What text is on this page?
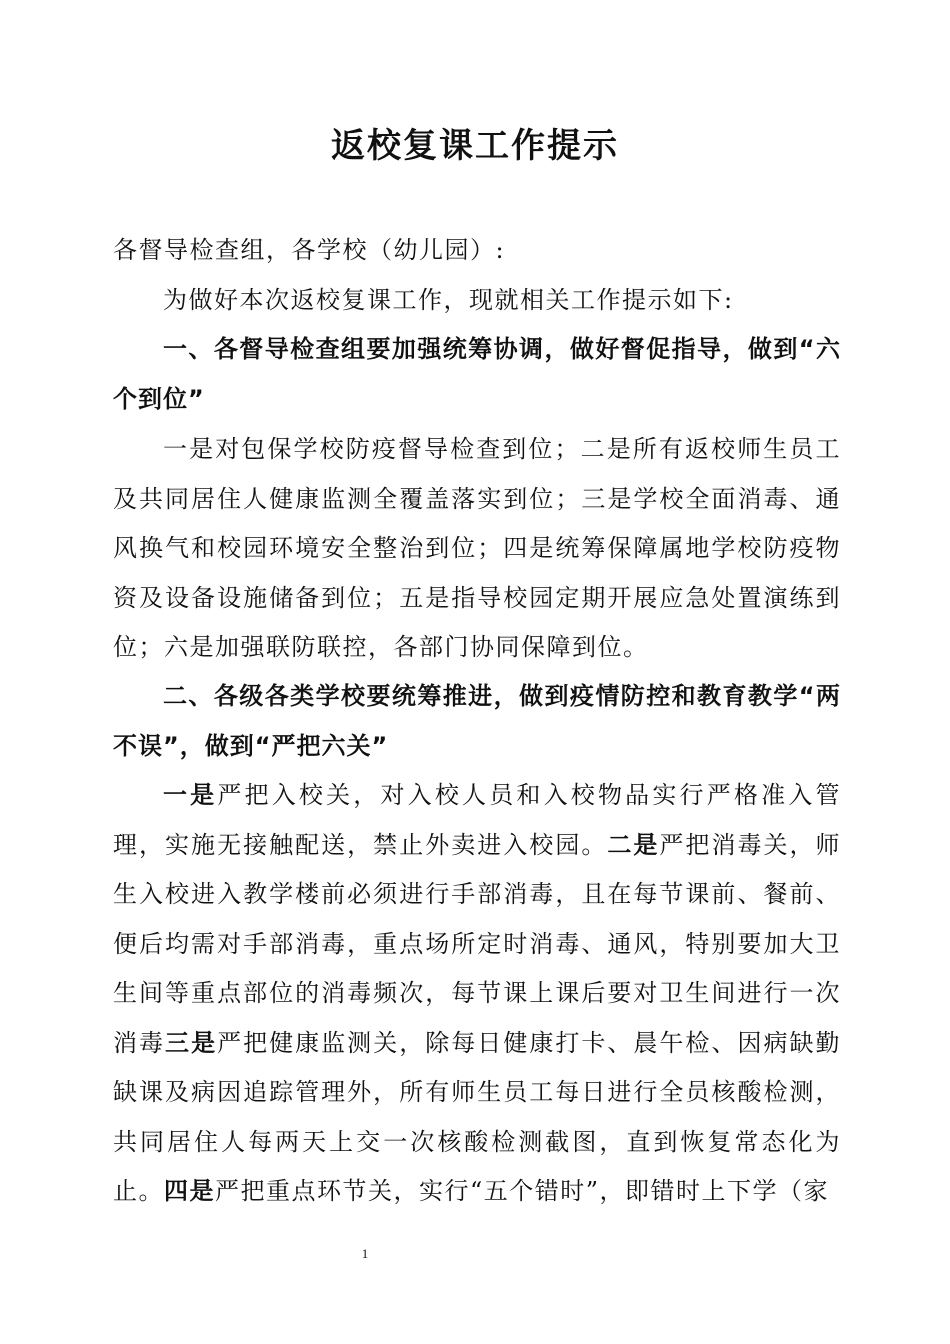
返校复课工作提示

各督导检查组，各学校（幼儿园）:

为做好本次返校复课工作，现就相关工作提示如下:

一、各督导检查组要加强统筹协调，做好督促指导，做到“六个到位”

一是对包保学校防疫督导检查到位；二是所有返校师生员工及共同居住人健康监测全覆盖落实到位；三是学校全面消毒、通风换气和校园环境安全整治到位；四是统筹保障属地学校防疫物资及设备设施储备到位；五是指导校园定期开展应急处置演练到位；六是加强联防联控，各部门协同保障到位。

二、各级各类学校要统筹推进，做到疫情防控和教育教学“两不误”，做到“严把六关”

一是严把入校关，对入校人员和入校物品实行严格准入管理，实施无接触配送，禁止外卖进入校园。二是严把消毒关，师生入校进入教学楼前必须进行手部消毒，且在每节课前、餐前、便后均需对手部消毒，重点场所定时消毒、通风，特别要加大卫生间等重点部位的消毒频次，每节课上课后要对卫生间进行一次消毒三是严把健康监测关，除每日健康打卡、晨午检、因病缺勤缺课及病因追踪管理外，所有师生员工每日进行全员核酸检测，共同居住人每两天上交一次核酸检测截图，直到恢复常态化为止。四是严把重点环节关，实行“五个错时”，即错时上下学（家

1
